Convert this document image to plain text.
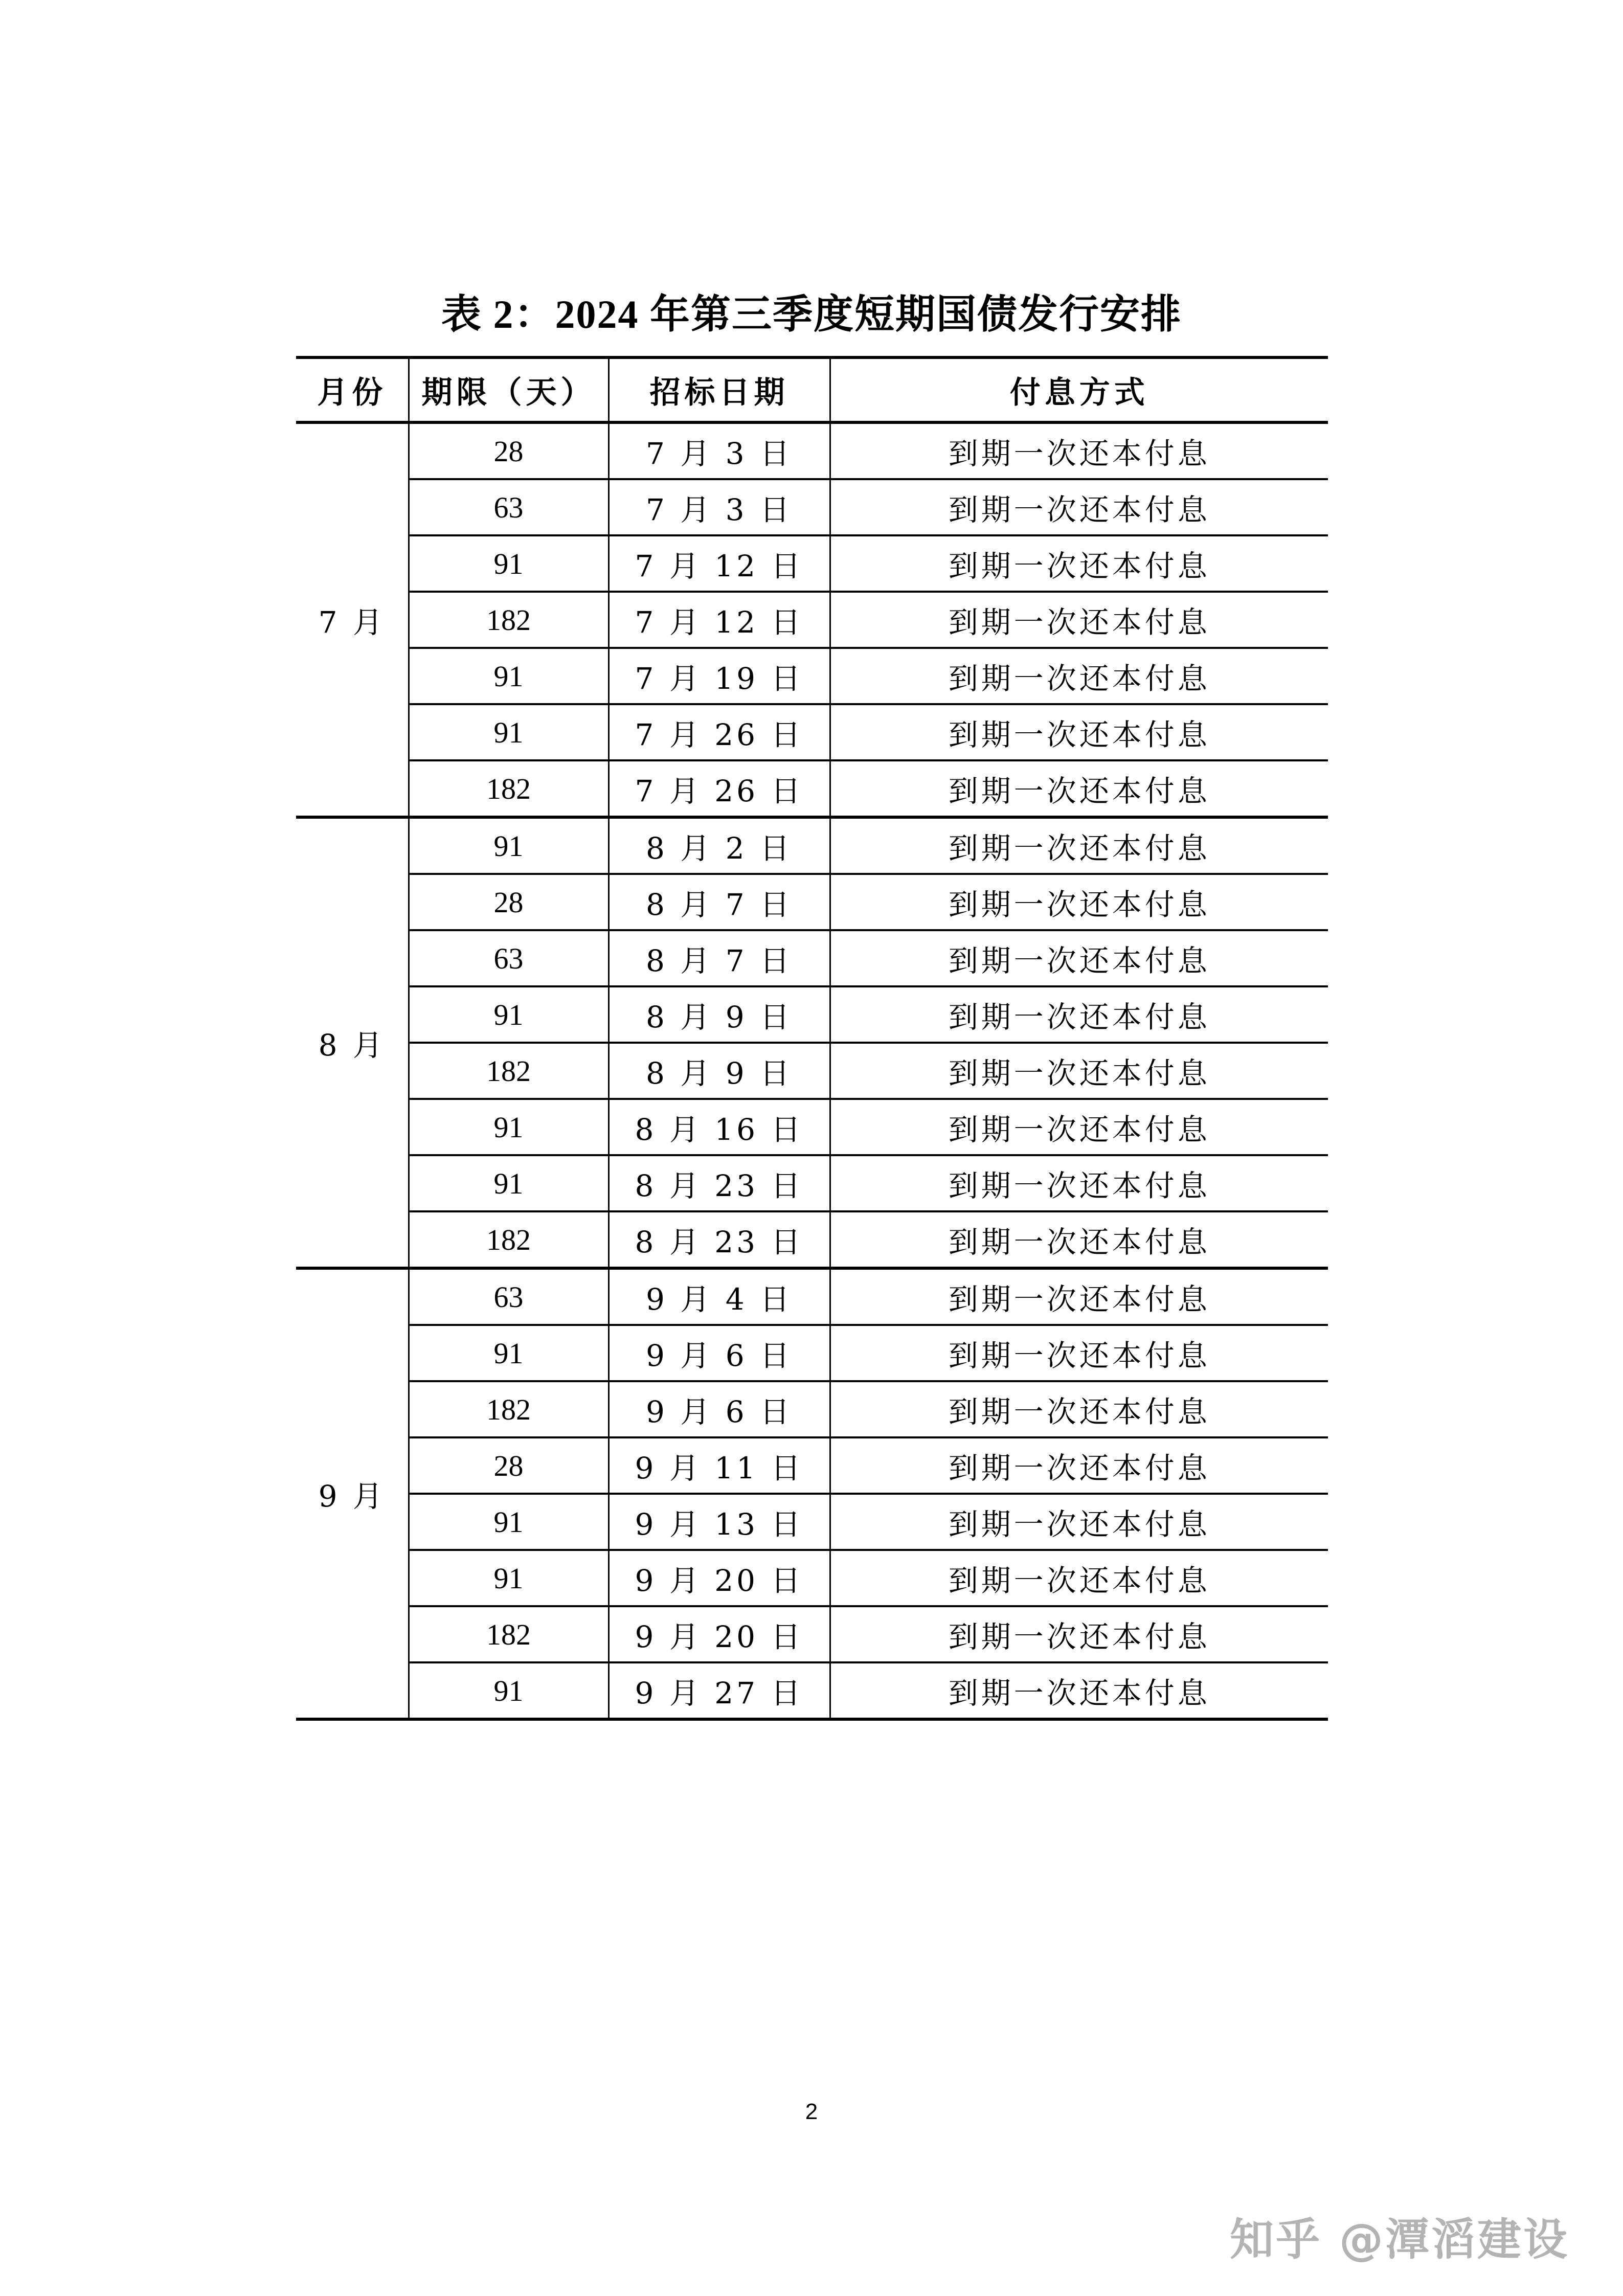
表 2：2024 年第三季度短期国债发行安排
月份	期限（天）	招标日期	付息方式
7 月	28	7 月 3 日	到期一次还本付息
	63	7 月 3 日	到期一次还本付息
	91	7 月 12 日	到期一次还本付息
	182	7 月 12 日	到期一次还本付息
	91	7 月 19 日	到期一次还本付息
	91	7 月 26 日	到期一次还本付息
	182	7 月 26 日	到期一次还本付息
8 月	91	8 月 2 日	到期一次还本付息
	28	8 月 7 日	到期一次还本付息
	63	8 月 7 日	到期一次还本付息
	91	8 月 9 日	到期一次还本付息
	182	8 月 9 日	到期一次还本付息
	91	8 月 16 日	到期一次还本付息
	91	8 月 23 日	到期一次还本付息
	182	8 月 23 日	到期一次还本付息
9 月	63	9 月 4 日	到期一次还本付息
	91	9 月 6 日	到期一次还本付息
	182	9 月 6 日	到期一次还本付息
	28	9 月 11 日	到期一次还本付息
	91	9 月 13 日	到期一次还本付息
	91	9 月 20 日	到期一次还本付息
	182	9 月 20 日	到期一次还本付息
	91	9 月 27 日	到期一次还本付息
2
知乎 @潭滔建设
